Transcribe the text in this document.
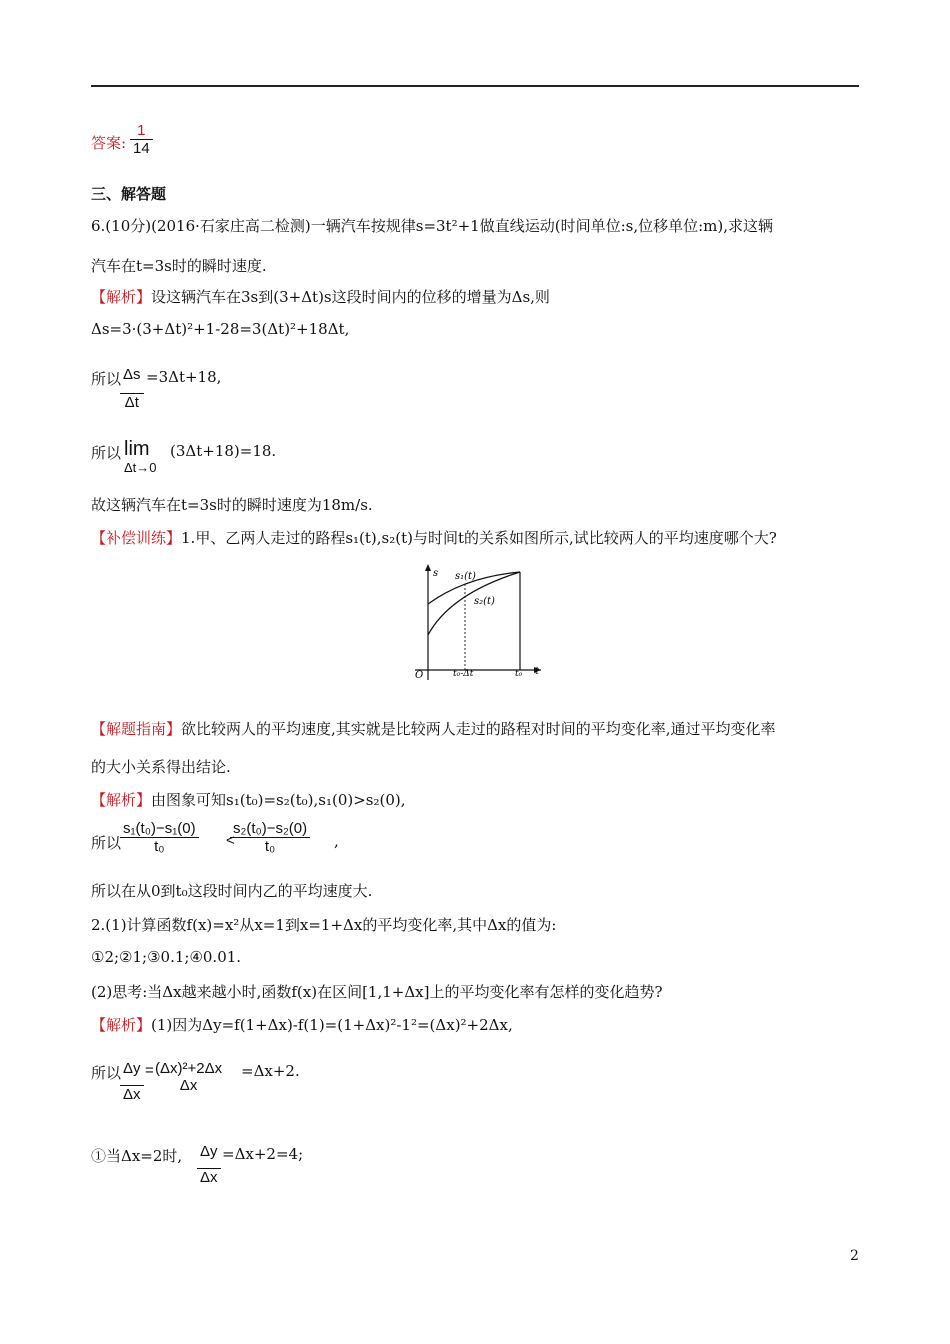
答案: $\frac{1}{14}$
三、解答题
6.(10分)(2016·石家庄高二检测)一辆汽车按规律s=3t²+1做直线运动(时间单位:s,位移单位:m),求这辆
汽车在t=3s时的瞬时速度.
【解析】设这辆汽车在3s到(3+Δt)s这段时间内的位移的增量为Δs,则
Δs=3·(3+Δt)²+1-28=3(Δt)²+18Δt,
所以
$\frac{\Delta s}{\Delta t} =3\Delta t+18$,
所以 lim
Δt→0
(3Δt+18)=18.
故这辆汽车在t=3s时的瞬时速度为18m/s.
【补偿训练】1.甲、乙两人走过的路程s₁(t),s₂(t)与时间t的关系如图所示,试比较两人的平均速度哪个大?
s
t
O
s₁(t)
s₂(t)
t₀-Δt	t₀
【解题指南】欲比较两人的平均速度,其实就是比较两人走过的路程对时间的平均变化率,通过平均变化率
的大小关系得出结论.
【解析】由图象可知s₁(t₀)=s₂(t₀),s₁(0)>s₂(0),
所以
$\frac{\text{s₁(t₀)−s₁(0)}}{\text{t₀}}$ <
$\frac{\text{s₂(t₀)−s₂(0)}}{\text{t₀}}$ ,
所以在从0到t₀这段时间内乙的平均速度大.
2.(1)计算函数f(x)=x²从x=1到x=1+Δx的平均变化率,其中Δx的值为:
①2;②1;③0.1;④0.01.
(2)思考:当Δx越来越小时,函数f(x)在区间[1,1+Δx]上的平均变化率有怎样的变化趋势?
【解析】(1)因为Δy=f(1+Δx)-f(1)=(1+Δx)²-1²=(Δx)²+2Δx,
所以
$\frac{\Delta y}{\Delta x} = (\Delta x)^2+2\Delta x$
Δx
=Δx+2.
①当Δx=2时, $\frac{\Delta y}{\Delta x} =\Delta x+2=4$;
2
